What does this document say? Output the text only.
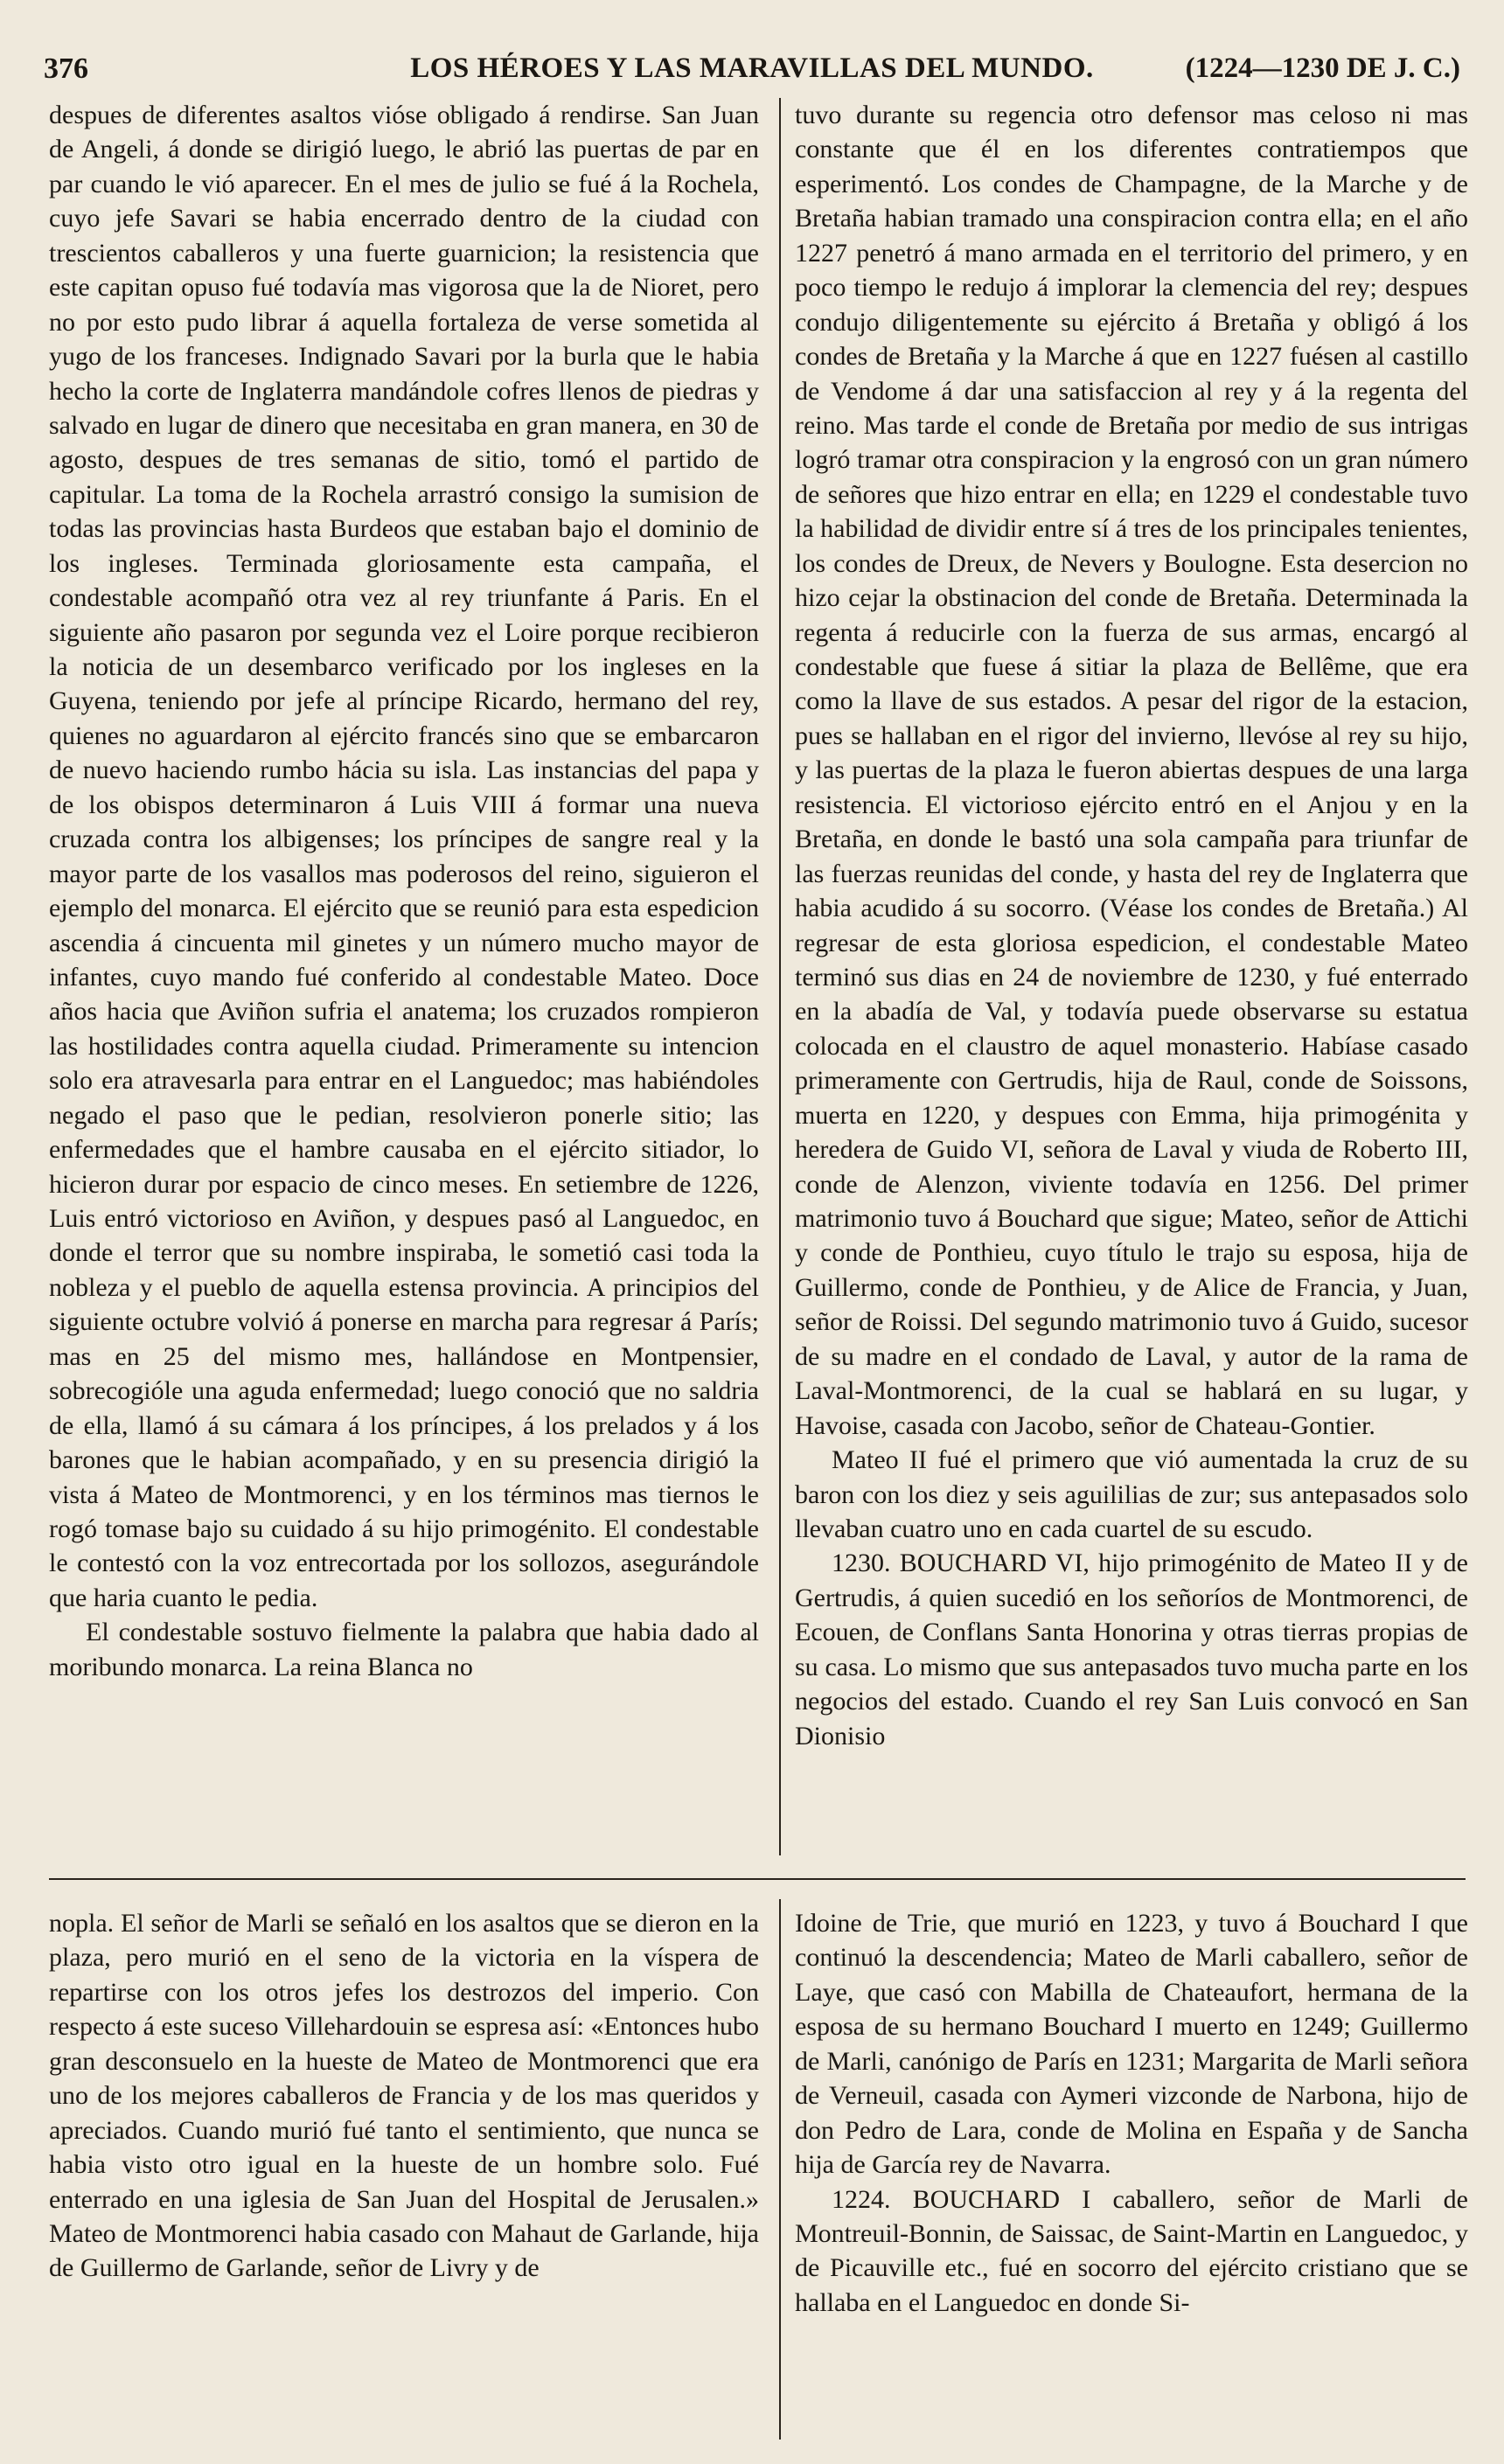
376	LOS HÉROES Y LAS MARAVILLAS DEL MUNDO.	(1224—1230 DE J. C.)

despues de diferentes asaltos vióse obligado á rendirse. San Juan de Angeli, á donde se dirigió luego, le abrió las puertas de par en par cuando le vió aparecer. En el mes de julio se fué á la Rochela, cuyo jefe Savari se habia encerrado dentro de la ciudad con trescientos caballeros y una fuerte guarnicion; la resistencia que este capitan opuso fué todavía mas vigorosa que la de Nioret, pero no por esto pudo librar á aquella fortaleza de verse sometida al yugo de los franceses. Indignado Savari por la burla que le habia hecho la corte de Inglaterra mandándole cofres llenos de piedras y salvado en lugar de dinero que necesitaba en gran manera, en 30 de agosto, despues de tres semanas de sitio, tomó el partido de capitular. La toma de la Rochela arrastró consigo la sumision de todas las provincias hasta Burdeos que estaban bajo el dominio de los ingleses. Terminada gloriosamente esta campaña, el condestable acompañó otra vez al rey triunfante á Paris. En el siguiente año pasaron por segunda vez el Loire porque recibieron la noticia de un desembarco verificado por los ingleses en la Guyena, teniendo por jefe al príncipe Ricardo, hermano del rey, quienes no aguardaron al ejército francés sino que se embarcaron de nuevo haciendo rumbo hácia su isla. Las instancias del papa y de los obispos determinaron á Luis VIII á formar una nueva cruzada contra los albigenses; los príncipes de sangre real y la mayor parte de los vasallos mas poderosos del reino, siguieron el ejemplo del monarca. El ejército que se reunió para esta espedicion ascendia á cincuenta mil ginetes y un número mucho mayor de infantes, cuyo mando fué conferido al condestable Mateo. Doce años hacia que Aviñon sufria el anatema; los cruzados rompieron las hostilidades contra aquella ciudad. Primeramente su intencion solo era atravesarla para entrar en el Languedoc; mas habiéndoles negado el paso que le pedian, resolvieron ponerle sitio; las enfermedades que el hambre causaba en el ejército sitiador, lo hicieron durar por espacio de cinco meses. En setiembre de 1226, Luis entró victorioso en Aviñon, y despues pasó al Languedoc, en donde el terror que su nombre inspiraba, le sometió casi toda la nobleza y el pueblo de aquella estensa provincia. A principios del siguiente octubre volvió á ponerse en marcha para regresar á París; mas en 25 del mismo mes, hallándose en Montpensier, sobrecogióle una aguda enfermedad; luego conoció que no saldria de ella, llamó á su cámara á los príncipes, á los prelados y á los barones que le habian acompañado, y en su presencia dirigió la vista á Mateo de Montmorenci, y en los términos mas tiernos le rogó tomase bajo su cuidado á su hijo primogénito. El condestable le contestó con la voz entrecortada por los sollozos, asegurándole que haria cuanto le pedia.

El condestable sostuvo fielmente la palabra que habia dado al moribundo monarca. La reina Blanca no

tuvo durante su regencia otro defensor mas celoso ni mas constante que él en los diferentes contratiempos que esperimentó. Los condes de Champagne, de la Marche y de Bretaña habian tramado una conspiracion contra ella; en el año 1227 penetró á mano armada en el territorio del primero, y en poco tiempo le redujo á implorar la clemencia del rey; despues condujo diligentemente su ejército á Bretaña y obligó á los condes de Bretaña y la Marche á que en 1227 fuésen al castillo de Vendome á dar una satisfaccion al rey y á la regenta del reino. Mas tarde el conde de Bretaña por medio de sus intrigas logró tramar otra conspiracion y la engrosó con un gran número de señores que hizo entrar en ella; en 1229 el condestable tuvo la habilidad de dividir entre sí á tres de los principales tenientes, los condes de Dreux, de Nevers y Boulogne. Esta desercion no hizo cejar la obstinacion del conde de Bretaña. Determinada la regenta á reducirle con la fuerza de sus armas, encargó al condestable que fuese á sitiar la plaza de Bellême, que era como la llave de sus estados. A pesar del rigor de la estacion, pues se hallaban en el rigor del invierno, llevóse al rey su hijo, y las puertas de la plaza le fueron abiertas despues de una larga resistencia. El victorioso ejército entró en el Anjou y en la Bretaña, en donde le bastó una sola campaña para triunfar de las fuerzas reunidas del conde, y hasta del rey de Inglaterra que habia acudido á su socorro. (Véase los condes de Bretaña.) Al regresar de esta gloriosa espedicion, el condestable Mateo terminó sus dias en 24 de noviembre de 1230, y fué enterrado en la abadía de Val, y todavía puede observarse su estatua colocada en el claustro de aquel monasterio. Habíase casado primeramente con Gertrudis, hija de Raul, conde de Soissons, muerta en 1220, y despues con Emma, hija primogénita y heredera de Guido VI, señora de Laval y viuda de Roberto III, conde de Alenzon, viviente todavía en 1256. Del primer matrimonio tuvo á Bouchard que sigue; Mateo, señor de Attichi y conde de Ponthieu, cuyo título le trajo su esposa, hija de Guillermo, conde de Ponthieu, y de Alice de Francia, y Juan, señor de Roissi. Del segundo matrimonio tuvo á Guido, sucesor de su madre en el condado de Laval, y autor de la rama de Laval-Montmorenci, de la cual se hablará en su lugar, y Havoise, casada con Jacobo, señor de Chateau-Gontier.

Mateo II fué el primero que vió aumentada la cruz de su baron con los diez y seis aguililias de zur; sus antepasados solo llevaban cuatro uno en cada cuartel de su escudo.

1230. BOUCHARD VI, hijo primogénito de Mateo II y de Gertrudis, á quien sucedió en los señoríos de Montmorenci, de Ecouen, de Conflans Santa Honorina y otras tierras propias de su casa. Lo mismo que sus antepasados tuvo mucha parte en los negocios del estado. Cuando el rey San Luis convocó en San Dionisio

nopla. El señor de Marli se señaló en los asaltos que se dieron en la plaza, pero murió en el seno de la victoria en la víspera de repartirse con los otros jefes los destrozos del imperio. Con respecto á este suceso Villehardouin se espresa así: «Entonces hubo gran desconsuelo en la hueste de Mateo de Montmorenci que era uno de los mejores caballeros de Francia y de los mas queridos y apreciados. Cuando murió fué tanto el sentimiento, que nunca se habia visto otro igual en la hueste de un hombre solo. Fué enterrado en una iglesia de San Juan del Hospital de Jerusalen.» Mateo de Montmorenci habia casado con Mahaut de Garlande, hija de Guillermo de Garlande, señor de Livry y de

Idoine de Trie, que murió en 1223, y tuvo á Bouchard I que continuó la descendencia; Mateo de Marli caballero, señor de Laye, que casó con Mabilla de Chateaufort, hermana de la esposa de su hermano Bouchard I muerto en 1249; Guillermo de Marli, canónigo de París en 1231; Margarita de Marli señora de Verneuil, casada con Aymeri vizconde de Narbona, hijo de don Pedro de Lara, conde de Molina en España y de Sancha hija de García rey de Navarra.

1224. BOUCHARD I caballero, señor de Marli de Montreuil-Bonnin, de Saissac, de Saint-Martin en Languedoc, y de Picauville etc., fué en socorro del ejército cristiano que se hallaba en el Languedoc en donde Si-
